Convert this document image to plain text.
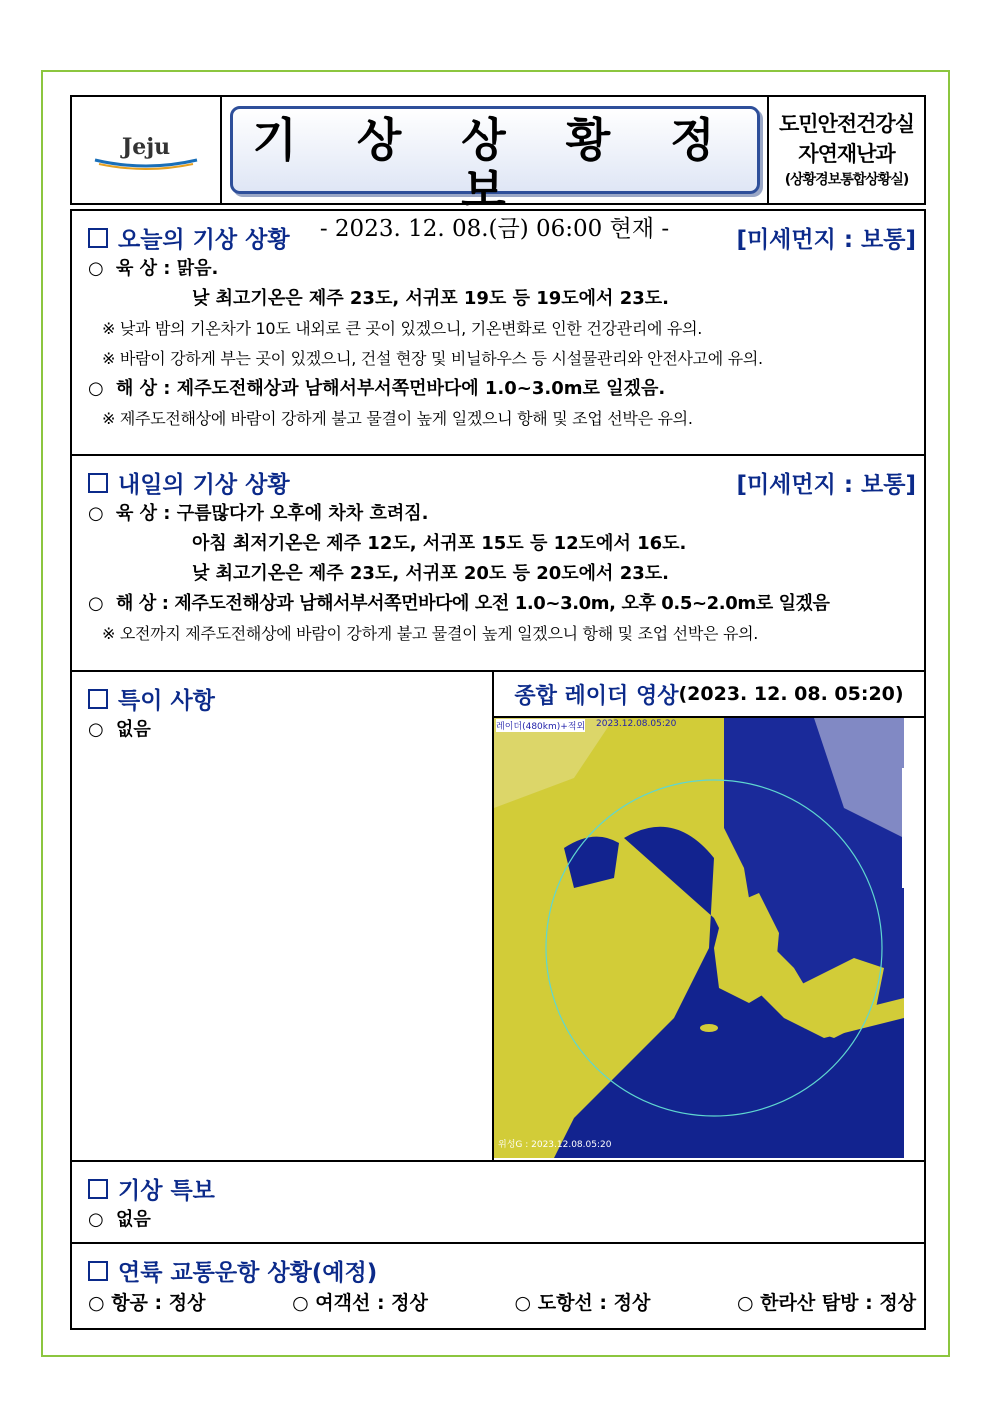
Jeju	기 상 상 황 정 보
- 2023. 12. 08.(금) 06:00 현재 -
도민안전건강실
자연재난과
(상황경보통합상황실)
오늘의 기상 상황	[미세먼지 : 보통]
○ 육 상 : 맑음.
낮 최고기온은 제주 23도, 서귀포 19도 등 19도에서 23도.
※ 낮과 밤의 기온차가 10도 내외로 큰 곳이 있겠으니, 기온변화로 인한 건강관리에 유의.
※ 바람이 강하게 부는 곳이 있겠으니, 건설 현장 및 비닐하우스 등 시설물관리와 안전사고에 유의.
○ 해 상 : 제주도전해상과 남해서부서쪽먼바다에 1.0~3.0m로 일겠음.
※ 제주도전해상에 바람이 강하게 불고 물결이 높게 일겠으니 항해 및 조업 선박은 유의.
내일의 기상 상황	[미세먼지 : 보통]
○ 육 상 : 구름많다가 오후에 차차 흐려짐.
아침 최저기온은 제주 12도, 서귀포 15도 등 12도에서 16도.
낮 최고기온은 제주 23도, 서귀포 20도 등 20도에서 23도.
○ 해 상 : 제주도전해상과 남해서부서쪽먼바다에 오전 1.0~3.0m, 오후 0.5~2.0m로 일겠음
※ 오전까지 제주도전해상에 바람이 강하게 불고 물결이 높게 일겠으니 항해 및 조업 선박은 유의.
특이 사항
○ 없음
종합 레이더 영상 (2023. 12. 08. 05:20)
레이더(480km)+적외 2023.12.08.05:20
위성G : 2023.12.08.05:20
기상 특보
○ 없음
연륙 교통운항 상황(예정)
○ 항공 : 정상	○ 여객선 : 정상	○ 도항선 : 정상	○ 한라산 탐방 : 정상
